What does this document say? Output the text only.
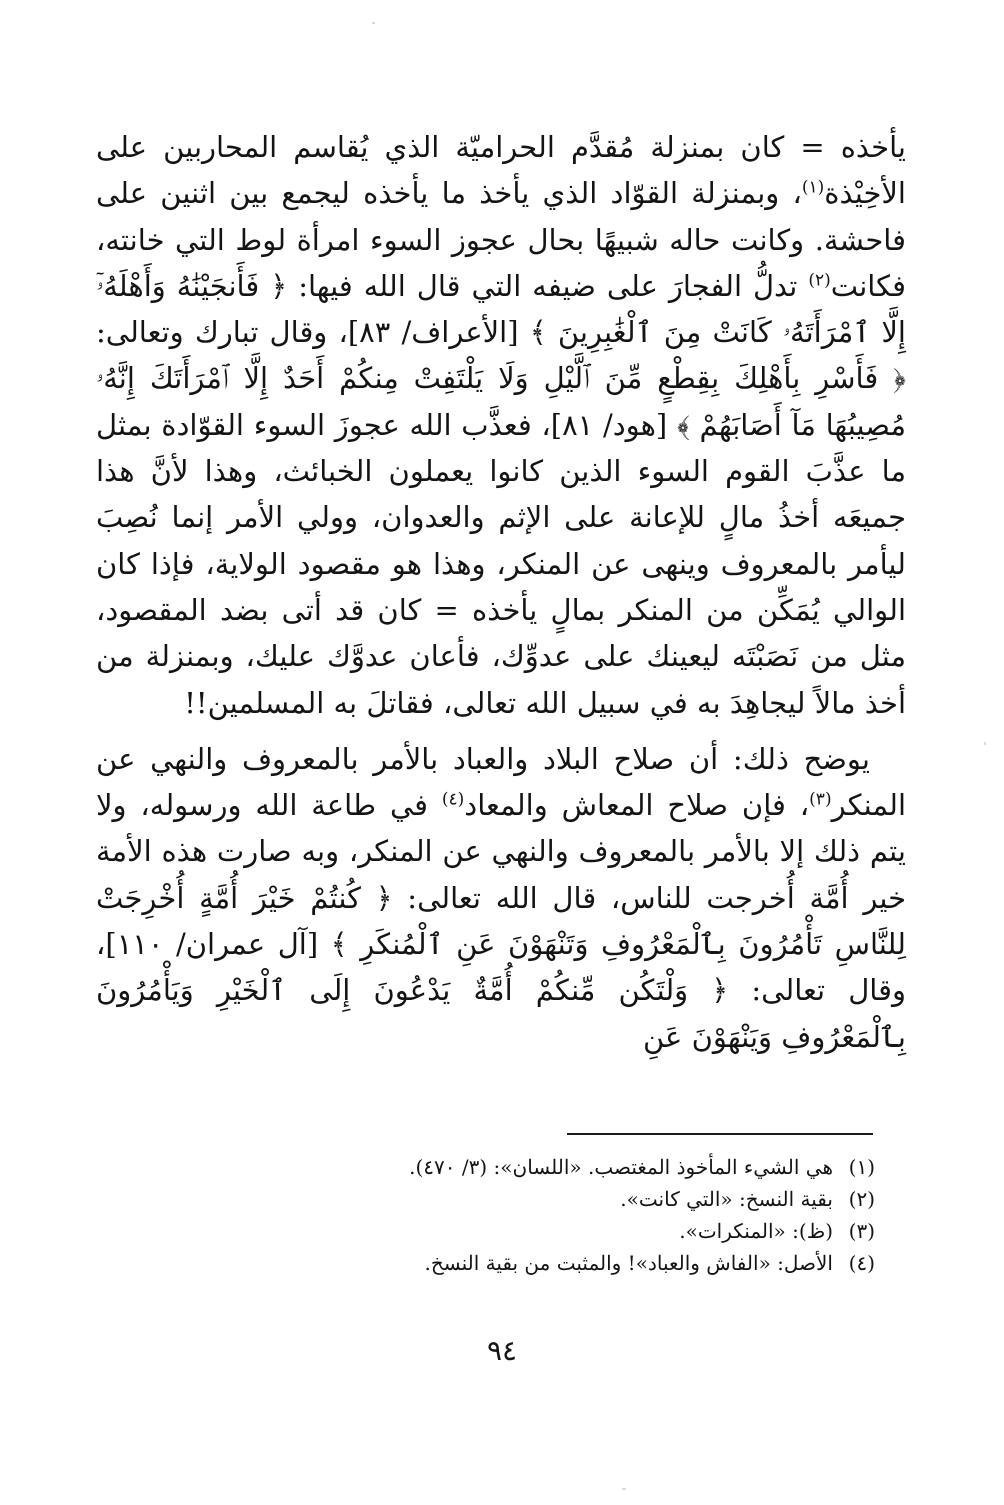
يأخذه = كان بمنزلة مُقدَّم الحراميّة الذي يُقاسم المحاربين على الأخِيْذة$^{(١)}$، وبمنزلة القوّاد الذي يأخذ ما يأخذه ليجمع بين اثنين على فاحشة. وكانت حاله شبيهًا بحال عجوز السوء امرأة لوط التي خانته، فكانت$^{(٢)}$ تدلُّ الفجارَ على ضيفه التي قال الله فيها: ﴿ فَأَنجَيْنَٰهُ وَأَهْلَهُۥٓ إِلَّا ٱمْرَأَتَهُۥ كَانَتْ مِنَ ٱلْغَٰبِرِينَ ﴾ [الأعراف/ ٨٣]، وقال تبارك وتعالى: ﴿ فَأَسْرِ بِأَهْلِكَ بِقِطْعٍ مِّنَ ٱلَّيْلِ وَلَا يَلْتَفِتْ مِنكُمْ أَحَدٌ إِلَّا ٱمْرَأَتَكَ إِنَّهُۥ مُصِيبُهَا مَآ أَصَابَهُمْ ﴾ [هود/ ٨١]، فعذَّب الله عجوزَ السوء القوّادة بمثل ما عذَّبَ القوم السوء الذين كانوا يعملون الخبائث، وهذا لأنَّ هذا جميعَه أخذُ مالٍ للإعانة على الإثم والعدوان، وولي الأمر إنما نُصِبَ ليأمر بالمعروف وينهى عن المنكر، وهذا هو مقصود الولاية، فإذا كان الوالي يُمَكِّن من المنكر بمالٍ يأخذه = كان قد أتى بضد المقصود، مثل من نَصَبْتَه ليعينك على عدوِّك، فأعان عدوَّك عليك، وبمنزلة من أخذ مالاً ليجاهِدَ به في سبيل الله تعالى، فقاتلَ به المسلمين!!

يوضح ذلك: أن صلاح البلاد والعباد بالأمر بالمعروف والنهي عن المنكر$^{(٣)}$، فإن صلاح المعاش والمعاد$^{(٤)}$ في طاعة الله ورسوله، ولا يتم ذلك إلا بالأمر بالمعروف والنهي عن المنكر، وبه صارت هذه الأمة خير أُمَّة أُخرجت للناس، قال الله تعالى: ﴿ كُنتُمْ خَيْرَ أُمَّةٍ أُخْرِجَتْ لِلنَّاسِ تَأْمُرُونَ بِٱلْمَعْرُوفِ وَتَنْهَوْنَ عَنِ ٱلْمُنكَرِ ﴾ [آل عمران/ ١١٠]، وقال تعالى: ﴿ وَلْتَكُن مِّنكُمْ أُمَّةٌ يَدْعُونَ إِلَى ٱلْخَيْرِ وَيَأْمُرُونَ بِٱلْمَعْرُوفِ وَيَنْهَوْنَ عَنِ

(١)هي الشيء المأخوذ المغتصب. «اللسان»: (٣/ ٤٧٠).
(٢)بقية النسخ: «التي كانت».
(٣)(ظ): «المنكرات».
(٤)الأصل: «الفاش والعباد»! والمثبت من بقية النسخ.
٩٤
